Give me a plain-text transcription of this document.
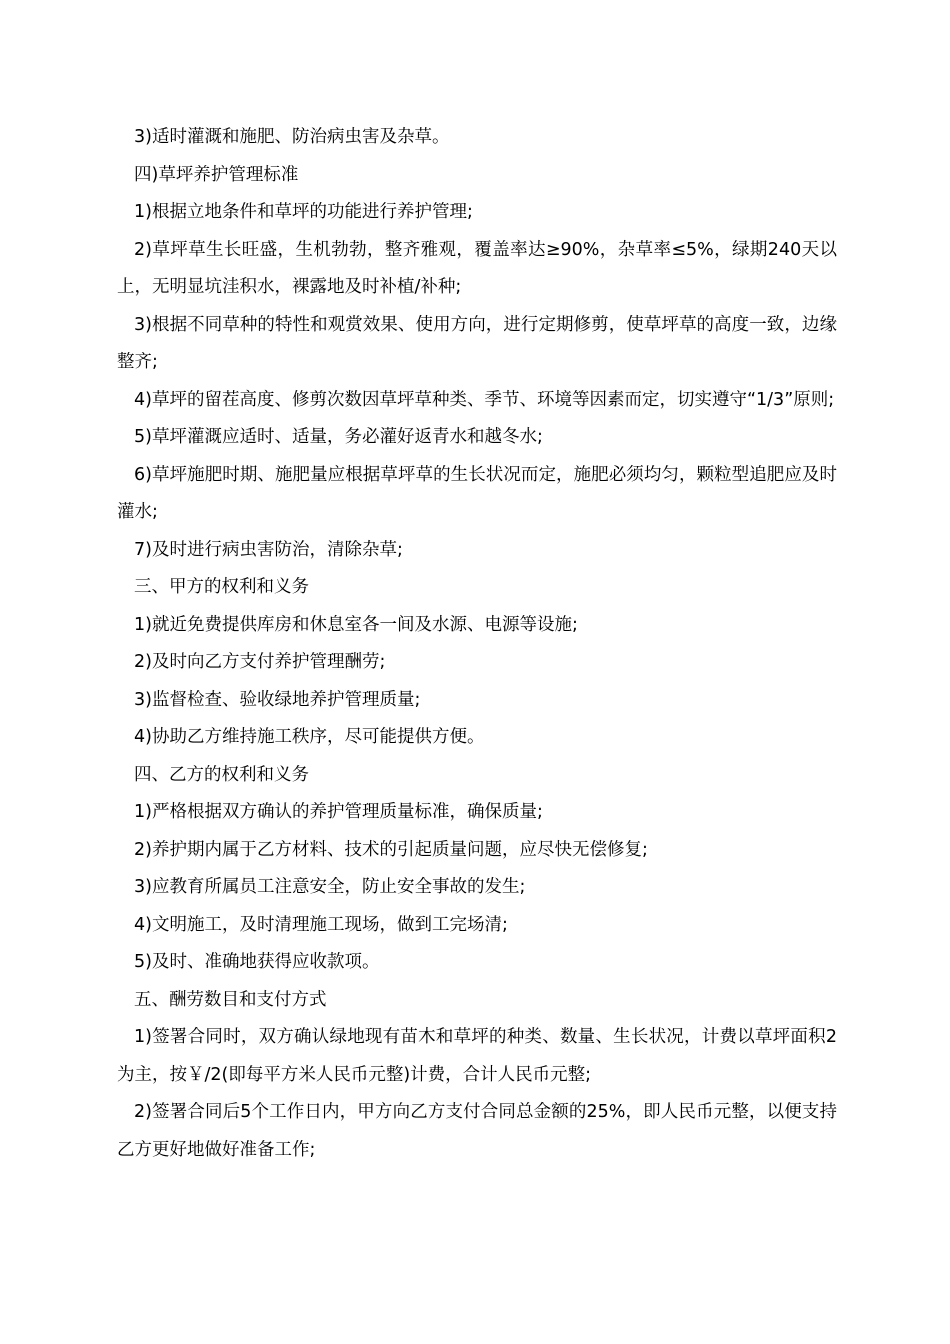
3)适时灌溉和施肥、防治病虫害及杂草。

四)草坪养护管理标准

1)根据立地条件和草坪的功能进行养护管理;

2)草坪草生长旺盛，生机勃勃，整齐雅观，覆盖率达≥90%，杂草率≤5%，绿期240天以上，无明显坑洼积水，裸露地及时补植/补种;

3)根据不同草种的特性和观赏效果、使用方向，进行定期修剪，使草坪草的高度一致，边缘整齐;

4)草坪的留茬高度、修剪次数因草坪草种类、季节、环境等因素而定，切实遵守“1/3”原则;

5)草坪灌溉应适时、适量，务必灌好返青水和越冬水;

6)草坪施肥时期、施肥量应根据草坪草的生长状况而定，施肥必须均匀，颗粒型追肥应及时灌水;

7)及时进行病虫害防治，清除杂草;

三、甲方的权利和义务

1)就近免费提供库房和休息室各一间及水源、电源等设施;

2)及时向乙方支付养护管理酬劳;

3)监督检查、验收绿地养护管理质量;

4)协助乙方维持施工秩序，尽可能提供方便。

四、乙方的权利和义务

1)严格根据双方确认的养护管理质量标准，确保质量;

2)养护期内属于乙方材料、技术的引起质量问题，应尽快无偿修复;

3)应教育所属员工注意安全，防止安全事故的发生;

4)文明施工，及时清理施工现场，做到工完场清;

5)及时、准确地获得应收款项。

五、酬劳数目和支付方式

1)签署合同时，双方确认绿地现有苗木和草坪的种类、数量、生长状况，计费以草坪面积2为主，按￥/2(即每平方米人民币元整)计费，合计人民币元整;

2)签署合同后5个工作日内，甲方向乙方支付合同总金额的25%，即人民币元整，以便支持乙方更好地做好准备工作;
